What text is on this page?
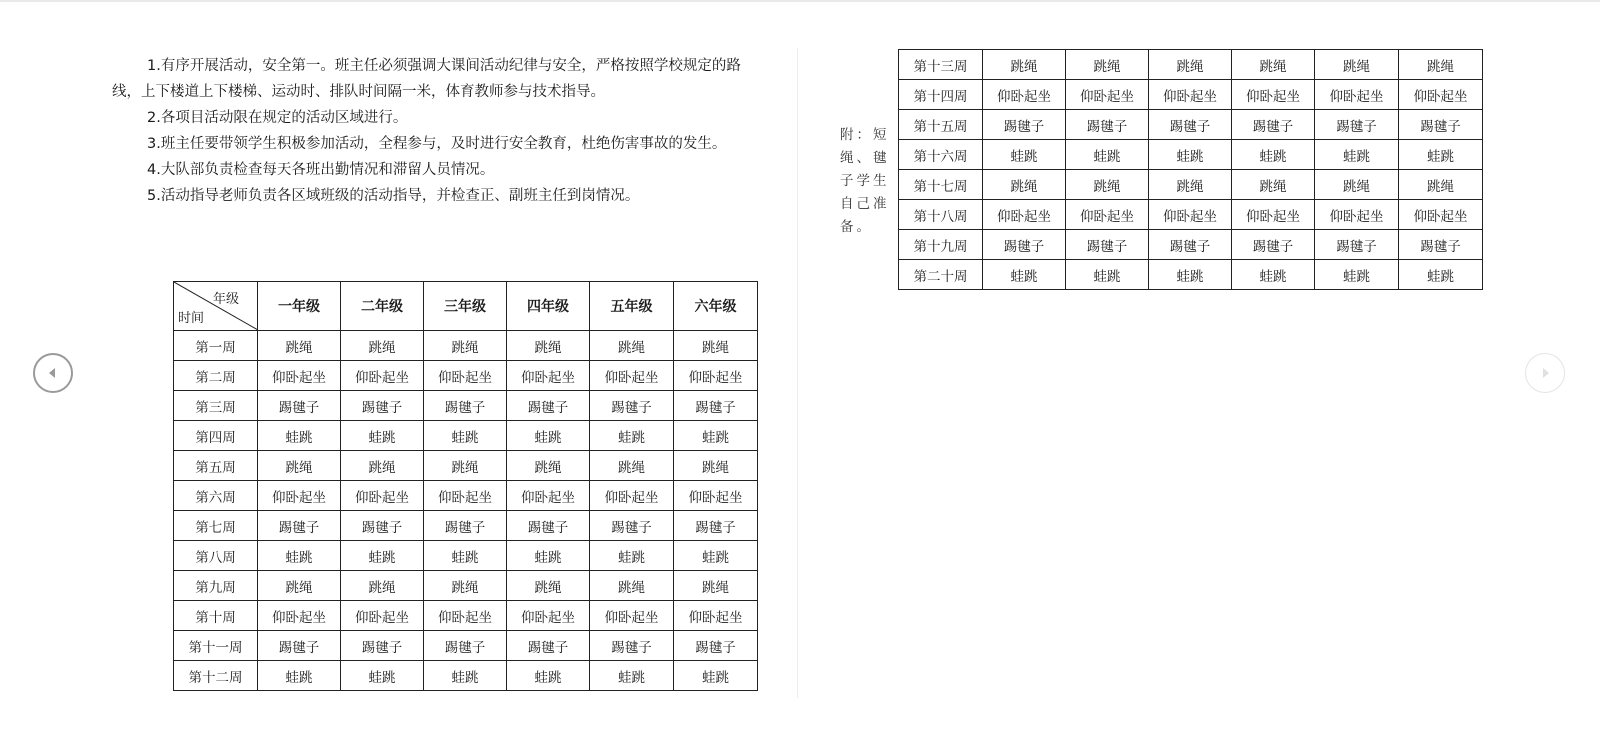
1.有序开展活动，安全第一。班主任必须强调大课间活动纪律与安全，严格按照学校规定的路线，上下楼道上下楼梯、运动时、排队时间隔一米，体育教师参与技术指导。

2.各项目活动限在规定的活动区域进行。

3.班主任要带领学生积极参加活动，全程参与，及时进行安全教育，杜绝伤害事故的发生。

4.大队部负责检查每天各班出勤情况和滞留人员情况。

5.活动指导老师负责各区域班级的活动指导，并检查正、副班主任到岗情况。

年级
时间	一年级	二年级	三年级	四年级	五年级	六年级
第一周	跳绳	跳绳	跳绳	跳绳	跳绳	跳绳
第二周	仰卧起坐	仰卧起坐	仰卧起坐	仰卧起坐	仰卧起坐	仰卧起坐
第三周	踢毽子	踢毽子	踢毽子	踢毽子	踢毽子	踢毽子
第四周	蛙跳	蛙跳	蛙跳	蛙跳	蛙跳	蛙跳
第五周	跳绳	跳绳	跳绳	跳绳	跳绳	跳绳
第六周	仰卧起坐	仰卧起坐	仰卧起坐	仰卧起坐	仰卧起坐	仰卧起坐
第七周	踢毽子	踢毽子	踢毽子	踢毽子	踢毽子	踢毽子
第八周	蛙跳	蛙跳	蛙跳	蛙跳	蛙跳	蛙跳
第九周	跳绳	跳绳	跳绳	跳绳	跳绳	跳绳
第十周	仰卧起坐	仰卧起坐	仰卧起坐	仰卧起坐	仰卧起坐	仰卧起坐
第十一周	踢毽子	踢毽子	踢毽子	踢毽子	踢毽子	踢毽子
第十二周	蛙跳	蛙跳	蛙跳	蛙跳	蛙跳	蛙跳
第十三周	跳绳	跳绳	跳绳	跳绳	跳绳	跳绳
第十四周	仰卧起坐	仰卧起坐	仰卧起坐	仰卧起坐	仰卧起坐	仰卧起坐
第十五周	踢毽子	踢毽子	踢毽子	踢毽子	踢毽子	踢毽子
第十六周	蛙跳	蛙跳	蛙跳	蛙跳	蛙跳	蛙跳
第十七周	跳绳	跳绳	跳绳	跳绳	跳绳	跳绳
第十八周	仰卧起坐	仰卧起坐	仰卧起坐	仰卧起坐	仰卧起坐	仰卧起坐
第十九周	踢毽子	踢毽子	踢毽子	踢毽子	踢毽子	踢毽子
第二十周	蛙跳	蛙跳	蛙跳	蛙跳	蛙跳	蛙跳
附：短绳、毽子学生自己准备。
